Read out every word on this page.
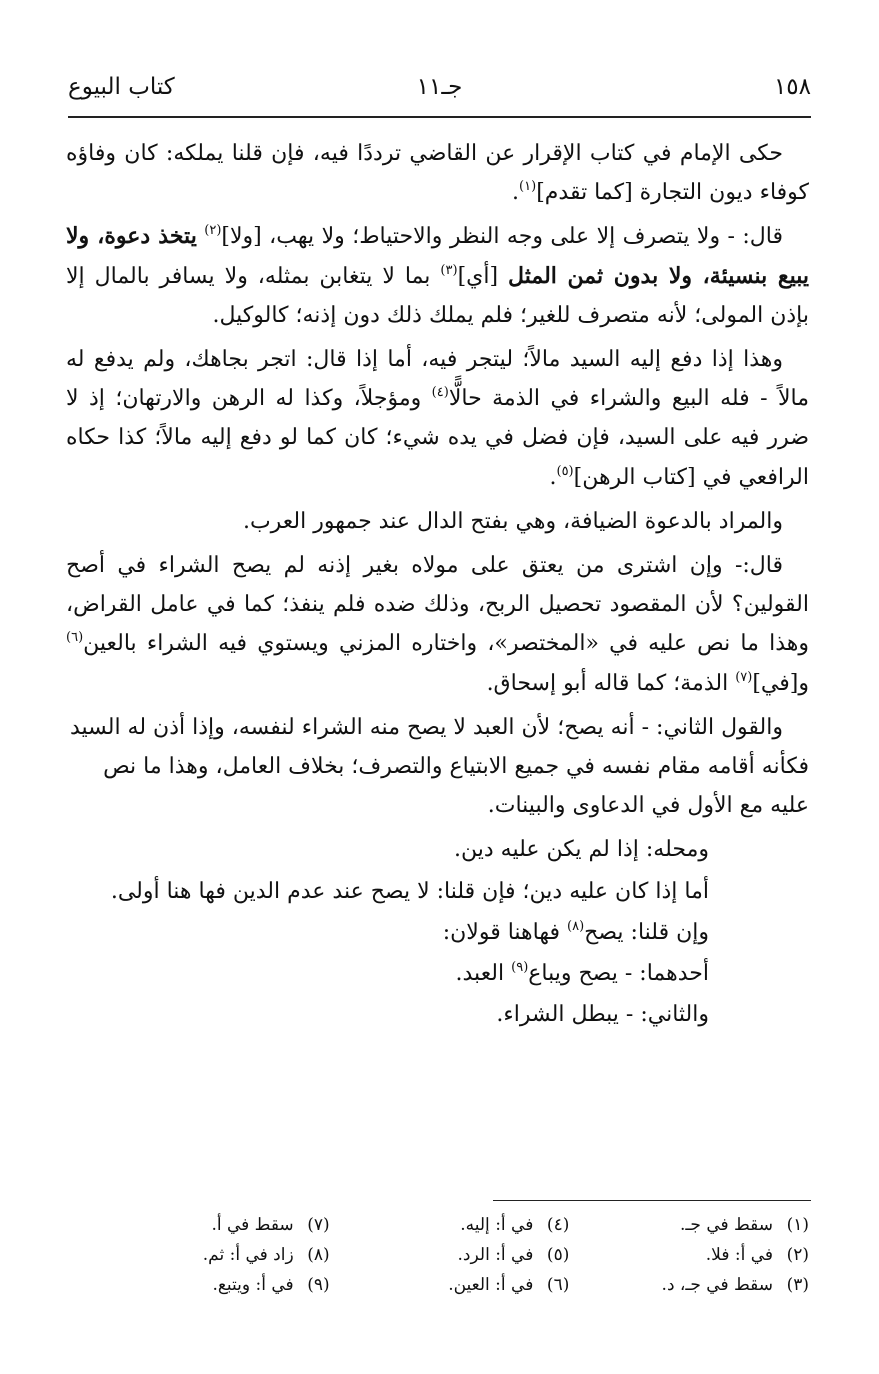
١٥٨
جـ١١
كتاب البيوع

حكى الإمام في كتاب الإقرار عن القاضي ترددًا فيه، فإن قلنا يملكه: كان وفاؤه كوفاء ديون التجارة [كما تقدم]$^{(١)}$.

قال: - ولا يتصرف إلا على وجه النظر والاحتياط؛ ولا يهب، [ولا]$^{(٢)}$ يتخذ دعوة، ولا يبيع بنسيئة، ولا بدون ثمن المثل [أي]$^{(٣)}$ بما لا يتغابن بمثله، ولا يسافر بالمال إلا بإذن المولى؛ لأنه متصرف للغير؛ فلم يملك ذلك دون إذنه؛ كالوكيل.

وهذا إذا دفع إليه السيد مالاً؛ ليتجر فيه، أما إذا قال: اتجر بجاهك، ولم يدفع له مالاً - فله البيع والشراء في الذمة حالًّا$^{(٤)}$ ومؤجلاً، وكذا له الرهن والارتهان؛ إذ لا ضرر فيه على السيد، فإن فضل في يده شيء؛ كان كما لو دفع إليه مالاً؛ كذا حكاه الرافعي في [كتاب الرهن]$^{(٥)}$.

والمراد بالدعوة الضيافة، وهي بفتح الدال عند جمهور العرب.

قال:- وإن اشترى من يعتق على مولاه بغير إذنه لم يصح الشراء في أصح القولين؟ لأن المقصود تحصيل الربح، وذلك ضده فلم ينفذ؛ كما في عامل القراض، وهذا ما نص عليه في «المختصر»، واختاره المزني ويستوي فيه الشراء بالعين$^{(٦)}$ و[في]$^{(٧)}$ الذمة؛ كما قاله أبو إسحاق.

والقول الثاني: - أنه يصح؛ لأن العبد لا يصح منه الشراء لنفسه، وإذا أذن له السيد فكأنه أقامه مقام نفسه في جميع الابتياع والتصرف؛ بخلاف العامل، وهذا ما نص عليه مع الأول في الدعاوى والبينات.

ومحله: إذا لم يكن عليه دين.

أما إذا كان عليه دين؛ فإن قلنا: لا يصح عند عدم الدين فها هنا أولى.

وإن قلنا: يصح$^{(٨)}$ فهاهنا قولان:

أحدهما: - يصح ويباع$^{(٩)}$ العبد.

والثاني: - يبطل الشراء.

(١)سقط في جـ.
(٤)في أ: إليه.
(٧)سقط في أ.
(٢)في أ: فلا.
(٥)في أ: الرد.
(٨)زاد في أ: ثم.
(٣)سقط في جـ، د.
(٦)في أ: العين.
(٩)في أ: ويتبع.
